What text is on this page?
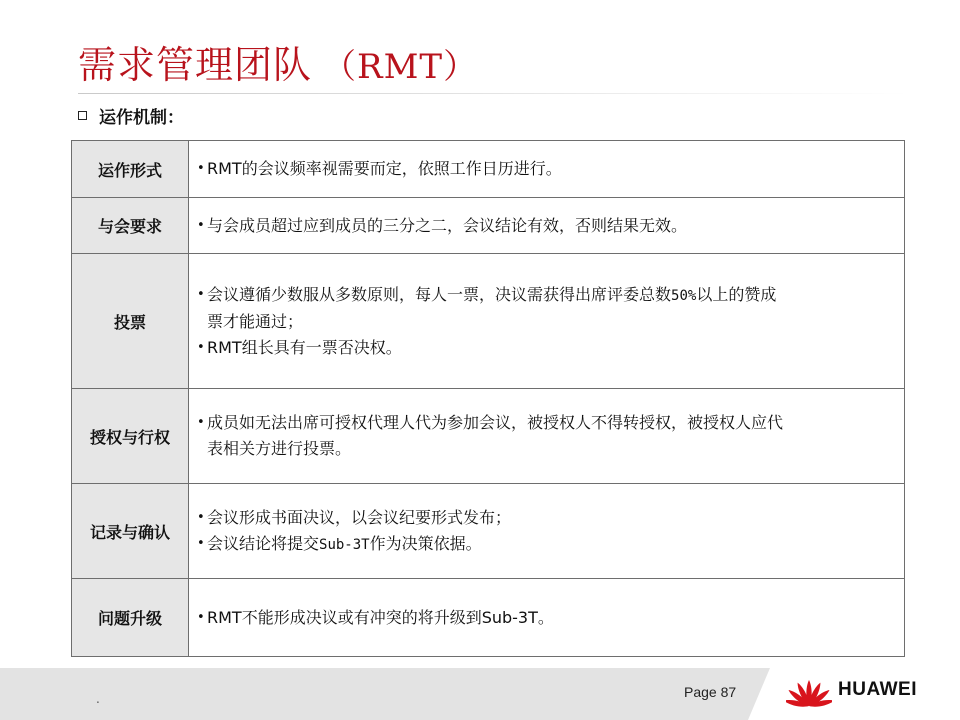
需求管理团队 （RMT）
运作机制：
运作形式	• RMT的会议频率视需要而定，依照工作日历进行。

与会要求	• 与会成员超过应到成员的三分之二，会议结论有效，否则结果无效。

投票	• 会议遵循少数服从多数原则，每人一票，决议需获得出席评委总数50%以上的赞成
票才能通过；
• RMT组长具有一票否决权。

授权与行权	• 成员如无法出席可授权代理人代为参加会议，被授权人不得转授权，被授权人应代
表相关方进行投票。

记录与确认	• 会议形成书面决议，以会议纪要形式发布；
• 会议结论将提交Sub-3T作为决策依据。

问题升级	• RMT不能形成决议或有冲突的将升级到Sub-3T。
.	Page 87	HUAWEI
